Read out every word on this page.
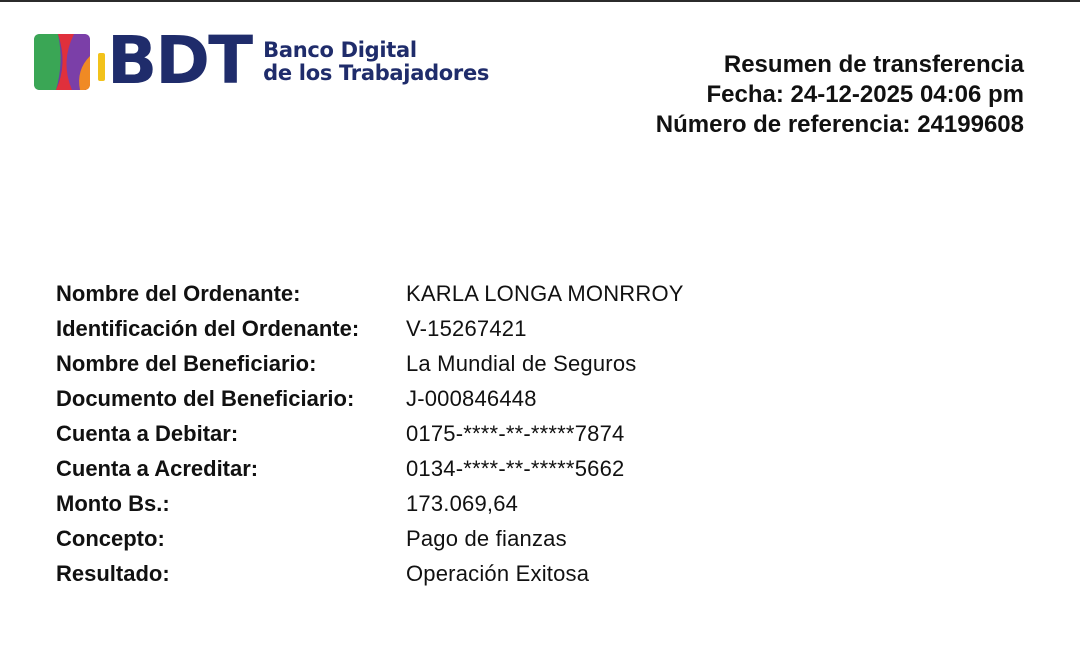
BDT Banco Digital
de los Trabajadores	Resumen de transferencia
Fecha: 24-12-2025 04:06 pm
Número de referencia: 24199608
Nombre del Ordenante:	KARLA LONGA MONRROY
Identificación del Ordenante:	V-15267421
Nombre del Beneficiario:	La Mundial de Seguros
Documento del Beneficiario:	J-000846448
Cuenta a Debitar:	0175-****-**-*****7874
Cuenta a Acreditar:	0134-****-**-*****5662
Monto Bs.:	173.069,64
Concepto:	Pago de fianzas
Resultado:	Operación Exitosa
